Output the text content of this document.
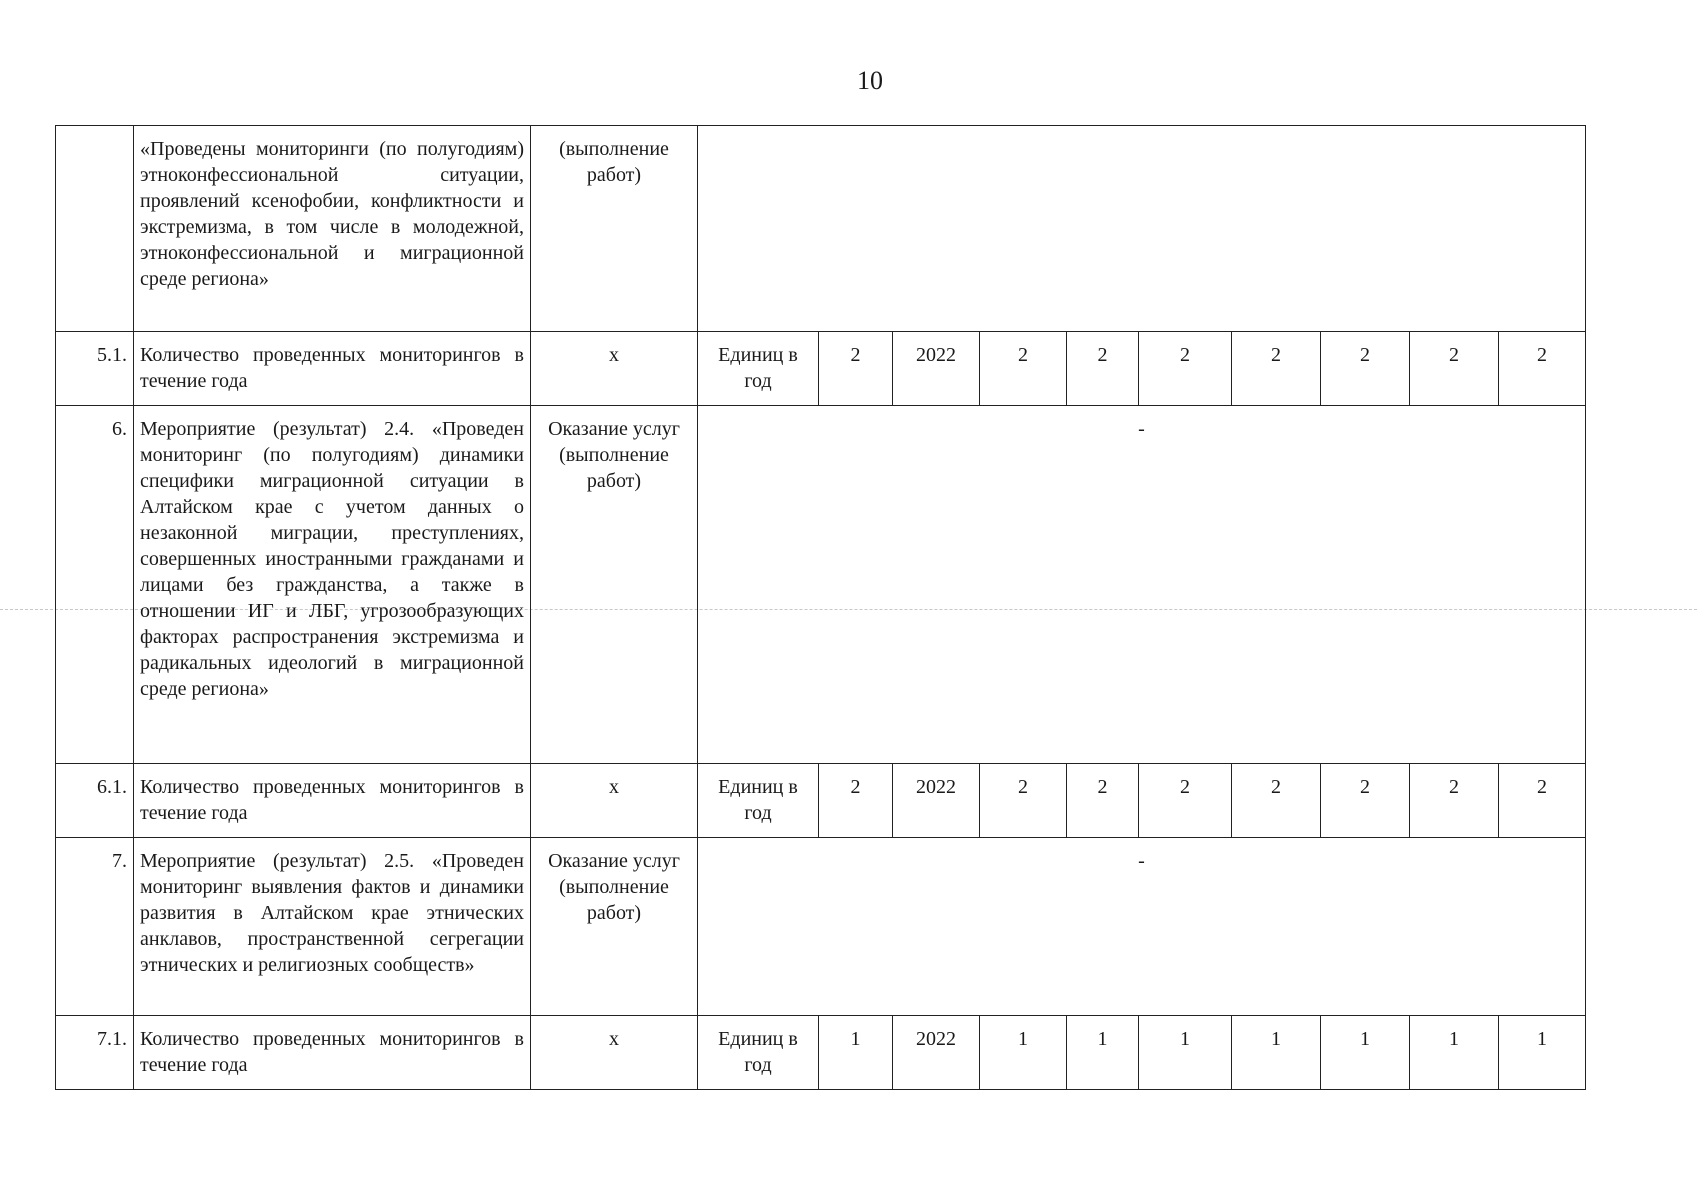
10
	«Проведены мониторинги (по полугодиям) этноконфессиональной ситуации, проявлений ксенофобии, конфликтности и экстремизма, в том числе в молодежной, этноконфессиональной и миграционной среде региона»	(выполнение работ)										

5.1.	Количество проведенных мониторингов в течение года	x	Единиц в год	2	2022	2	2	2	2	2	2	2
6.	Мероприятие (результат) 2.4. «Проведен мониторинг (по полугодиям) динамики специфики миграционной ситуации в Алтайском крае с учетом данных о незаконной миграции, преступлениях, совершенных иностранными гражданами и лицами без гражданства, а также в отношении ИГ и ЛБГ, угрозообразующих факторах распространения экстремизма и радикальных идеологий в миграционной среде региона»	Оказание услуг (выполнение работ)	-									

6.1.	Количество проведенных мониторингов в течение года	x	Единиц в год	2	2022	2	2	2	2	2	2	2
7.	Мероприятие (результат) 2.5. «Проведен мониторинг выявления фактов и динамики развития в Алтайском крае этнических анклавов, пространственной сегрегации этнических и религиозных сообществ»	Оказание услуг (выполнение работ)	-									

7.1.	Количество проведенных мониторингов в течение года	x	Единиц в год	1	2022	1	1	1	1	1	1	1
